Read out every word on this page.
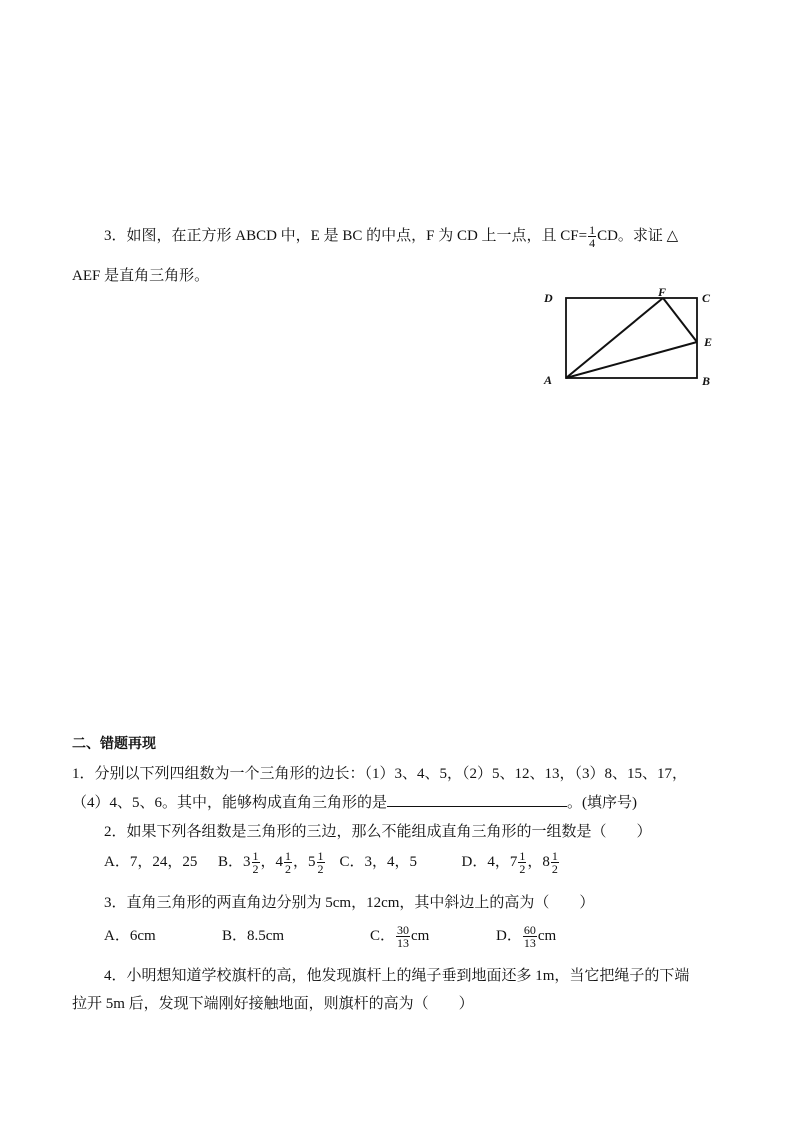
3．如图，在正方形 ABCD 中，E 是 BC 的中点，F 为 CD 上一点，且 $CF= \frac{1}{4}$ CD。求证 △
AEF 是直角三角形。
D	F	C
E
A	B
二、错题再现
1．分别以下列四组数为一个三角形的边长：（1）3、4、5，（2）5、12、13，（3）8、15、17，
（4）4、5、6。其中，能够构成直角三角形的是	。(填序号)
2．如果下列各组数是三角形的三边，那么不能组成直角三角形的一组数是（　　）
A．7，24，25 B．$3 \frac{1}{2}$ ，$4 \frac{1}{2}$ ，$5 \frac{1}{2}$ C．3，4，5	D．4，$7 \frac{1}{2}$ ，$8 \frac{1}{2}$
3．直角三角形的两直角边分别为 5cm，12cm，其中斜边上的高为（　　）
A．6cm	B．8.5cm	C． $\frac{30}{13}$ cm	D． $\frac{60}{13}$ cm
4．小明想知道学校旗杆的高，他发现旗杆上的绳子垂到地面还多 1m，当它把绳子的下端
拉开 5m 后，发现下端刚好接触地面，则旗杆的高为（　　）
